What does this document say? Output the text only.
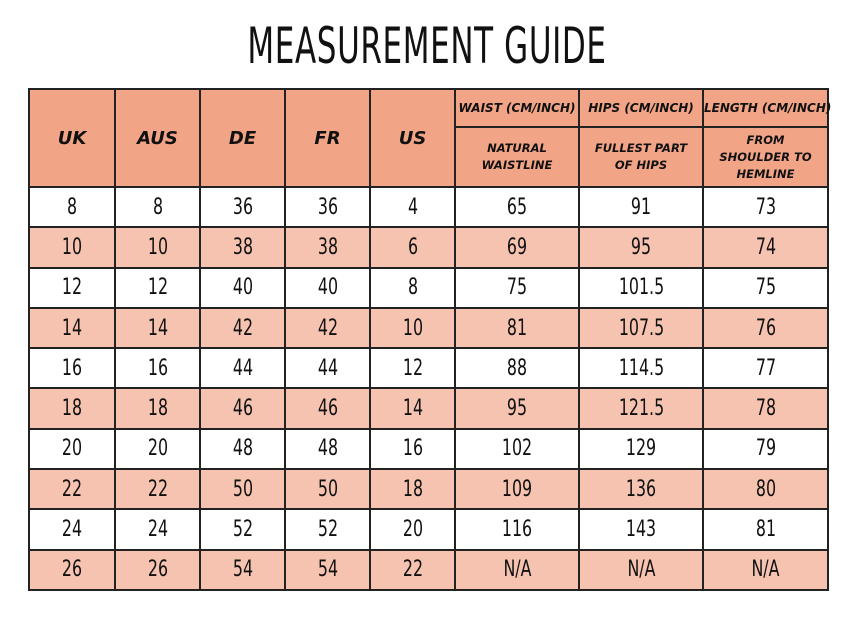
MEASUREMENT GUIDE
UK	AUS	DE	FR	US	WAIST (CM/INCH)	HIPS (CM/INCH)	LENGTH (CM/INCH)

					NATURAL WAISTLINE	FULLEST PART OF HIPS	FROM SHOULDER TO HEMLINE

8	8	36	36	4	65	91	73
10	10	38	38	6	69	95	74
12	12	40	40	8	75	101.5	75
14	14	42	42	10	81	107.5	76
16	16	44	44	12	88	114.5	77
18	18	46	46	14	95	121.5	78
20	20	48	48	16	102	129	79
22	22	50	50	18	109	136	80
24	24	52	52	20	116	143	81
26	26	54	54	22	N/A	N/A	N/A
